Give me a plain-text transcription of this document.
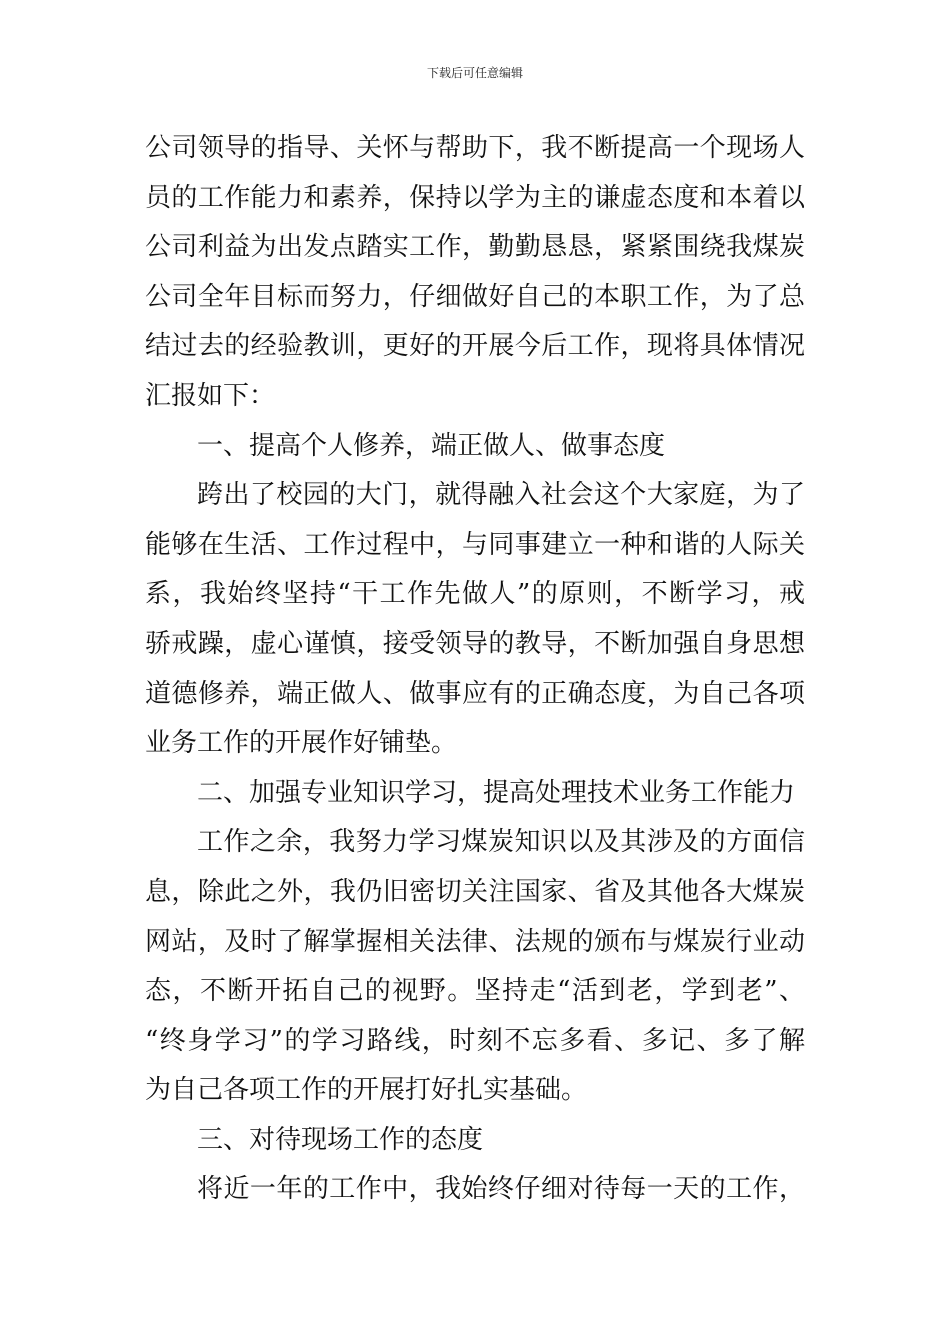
下载后可任意编辑
公司领导的指导、关怀与帮助下，我不断提高一个现场人
员的工作能力和素养，保持以学为主的谦虚态度和本着以
公司利益为出发点踏实工作，勤勤恳恳，紧紧围绕我煤炭
公司全年目标而努力，仔细做好自己的本职工作，为了总
结过去的经验教训，更好的开展今后工作，现将具体情况
汇报如下：
一、提高个人修养，端正做人、做事态度
跨出了校园的大门，就得融入社会这个大家庭，为了
能够在生活、工作过程中，与同事建立一种和谐的人际关
系，我始终坚持“干工作先做人”的原则，不断学习，戒
骄戒躁，虚心谨慎，接受领导的教导，不断加强自身思想
道德修养，端正做人、做事应有的正确态度，为自己各项
业务工作的开展作好铺垫。
二、加强专业知识学习，提高处理技术业务工作能力
工作之余，我努力学习煤炭知识以及其涉及的方面信
息，除此之外，我仍旧密切关注国家、省及其他各大煤炭
网站，及时了解掌握相关法律、法规的颁布与煤炭行业动
态，不断开拓自己的视野。坚持走“活到老，学到老”、
“终身学习”的学习路线，时刻不忘多看、多记、多了解
为自己各项工作的开展打好扎实基础。
三、对待现场工作的态度
将近一年的工作中，我始终仔细对待每一天的工作，
